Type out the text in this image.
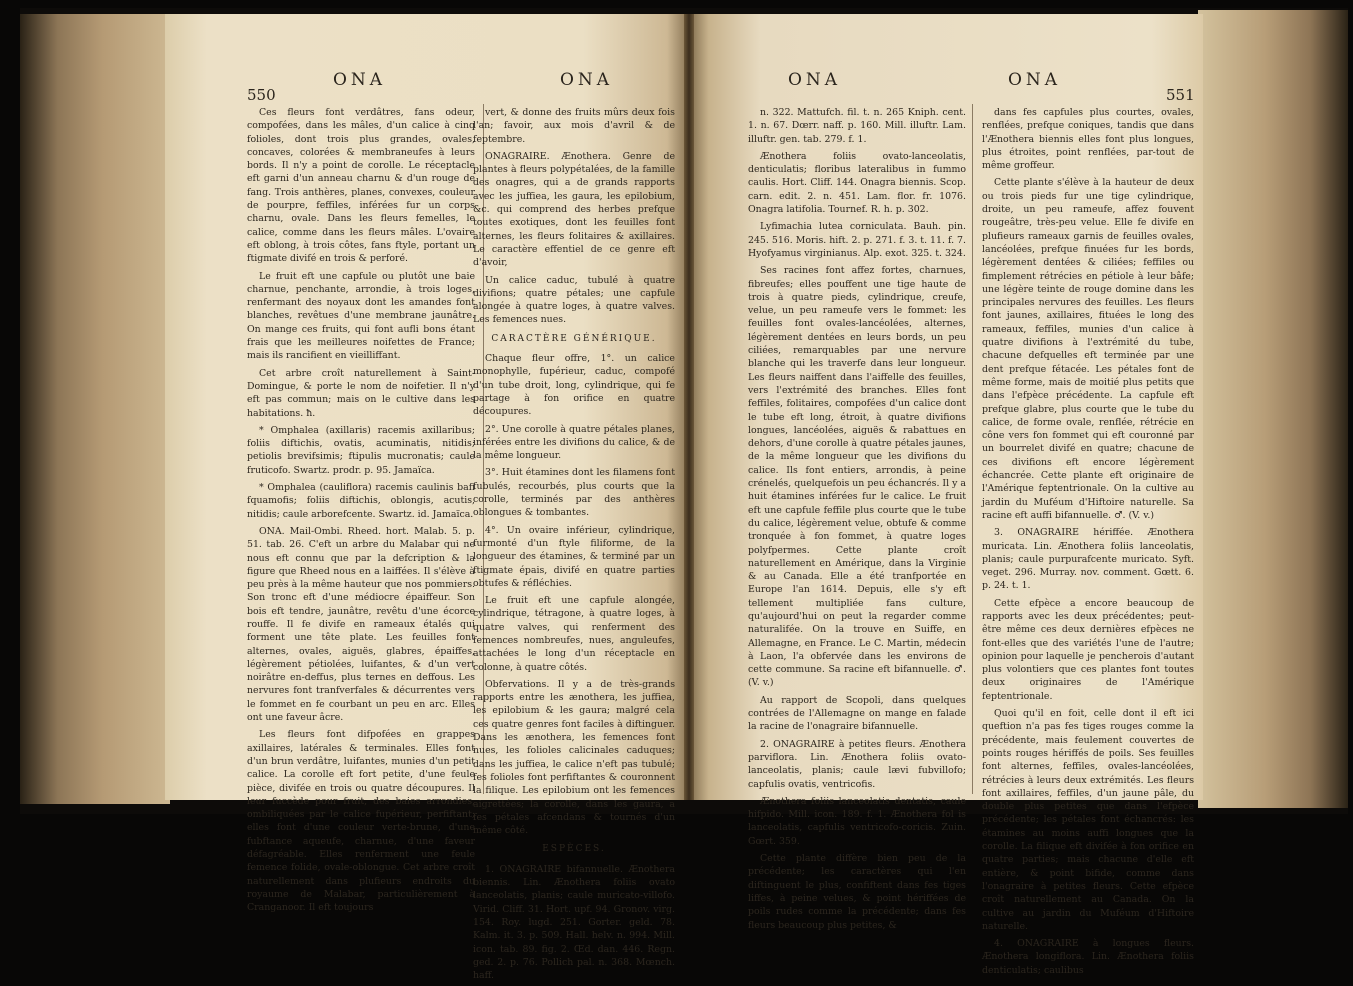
550
ONA	ONA

Ces fleurs font verdâtres, fans odeur, compofées, dans les mâles, d'un calice à cinq folioles, dont trois plus grandes, ovales, concaves, colorées & membraneufes à leurs bords. Il n'y a point de corolle. Le réceptacle eft garni d'un anneau charnu & d'un rouge de fang. Trois anthères, planes, convexes, couleur de pourpre, feffiles, inférées fur un corps charnu, ovale. Dans les fleurs femelles, le calice, comme dans les fleurs mâles. L'ovaire eft oblong, à trois côtes, fans ftyle, portant un ftigmate divifé en trois & perforé.

Le fruit eft une capfule ou plutôt une baie charnue, penchante, arrondie, à trois loges, renfermant des noyaux dont les amandes font blanches, revêtues d'une membrane jaunâtre. On mange ces fruits, qui font aufli bons étant frais que les meilleures noifettes de France; mais ils rancifient en vieilliffant.

Cet arbre croît naturellement à Saint-Domingue, & porte le nom de noifetier. Il n'y eft pas commun; mais on le cultive dans les habitations. ħ.

* Omphalea (axillaris) racemis axillaribus; foliis diftichis, ovatis, acuminatis, nitidis; petiolis brevifsimis; ftipulis mucronatis; caule fruticofo. Swartz. prodr. p. 95. Jamaïca.

* Omphalea (cauliflora) racemis caulinis bafi fquamofis; foliis diftichis, oblongis, acutis, nitidis; caule arborefcente. Swartz. id. Jamaïca.

ONA. Mail-Ombi. Rheed. hort. Malab. 5. p. 51. tab. 26. C'eft un arbre du Malabar qui ne nous eft connu que par la defcription & la figure que Rheed nous en a laiffées. Il s'élève à peu près à la même hauteur que nos pommiers. Son tronc eft d'une médiocre épaiffeur. Son bois eft tendre, jaunâtre, revêtu d'une écorce rouffe. Il fe divife en rameaux étalés qui forment une tête plate. Les feuilles font alternes, ovales, aiguës, glabres, épaiffes, légèrement pétiolées, luifantes, & d'un vert noirâtre en-deffus, plus ternes en deffous. Les nervures font tranfverfales & décurrentes vers le fommet en fe courbant un peu en arc. Elles ont une faveur âcre.

Les fleurs font difpofées en grappes axillaires, latérales & terminales. Elles font d'un brun verdâtre, luifantes, munies d'un petit calice. La corolle eft fort petite, d'une feule pièce, divifée en trois ou quatre découpures. Il leur fuccède pour fruit, des baies arrondies, ombiliquées par le calice fupérieur, perfiftant; elles font d'une couleur verte-brune, d'une fubftance aqueufe, charnue, d'une faveur défagréable. Elles renferment une feule femence folide, ovale-oblongue. Cet arbre croît naturellement dans plufieurs endroits du royaume de Malabar, particulièrement à Cranganoor. Il eft toujours

vert, & donne des fruits mûrs deux fois l'an; favoir, aux mois d'avril & de feptembre.

ONAGRAIRE. Ænothera. Genre de plantes à fleurs polypétalées, de la famille des onagres, qui a de grands rapports avec les juffiea, les gaura, les epilobium, &c. qui comprend des herbes prefque toutes exotiques, dont les feuilles font alternes, les fleurs folitaires & axillaires. Le caractère effentiel de ce genre eft d'avoir,

Un calice caduc, tubulé à quatre divifions; quatre pétales; une capfule alongée à quatre loges, à quatre valves. Les femences nues.

CARACTÈRE GÉNÉRIQUE.

Chaque fleur offre, 1°. un calice monophylle, fupérieur, caduc, compofé d'un tube droit, long, cylindrique, qui fe partage à fon orifice en quatre découpures.

2°. Une corolle à quatre pétales planes, inférées entre les divifions du calice, & de la même longueur.

3°. Huit étamines dont les filamens font fubulés, recourbés, plus courts que la corolle, terminés par des anthères oblongues & tombantes.

4°. Un ovaire inférieur, cylindrique, furmonté d'un ftyle filiforme, de la longueur des étamines, & terminé par un ftigmate épais, divifé en quatre parties obtufes & réfléchies.

Le fruit eft une capfule alongée, cylindrique, tétragone, à quatre loges, à quatre valves, qui renferment des femences nombreufes, nues, anguleufes, attachées le long d'un réceptacle en colonne, à quatre côtés.

Obfervations. Il y a de très-grands rapports entre les ænothera, les juffiea, les epilobium & les gaura; malgré cela ces quatre genres font faciles à diftinguer. Dans les ænothera, les femences font nues, les folioles calicinales caduques; dans les juffiea, le calice n'eft pas tubulé; fes folioles font perfiftantes & couronnent la filique. Les epilobium ont les femences aigrettées; la corolle, dans les gaura, a fes pétales afcendans & tournés d'un même côté.

ESPÈCES.

1. ONAGRAIRE bifannuelle. Ænothera biennis. Lin. Ænothera foliis ovato lanceolatis, planis; caule muricato-villofo. Virid. Cliff. 31. Hort. upf. 94. Gronov. virg. 154. Roy. lugd. 251. Gorter. geld. 78. Kalm. it. 3. p. 509. Hall. helv. n. 994. Mill. icon. tab. 89. fig. 2. Œd. dan. 446. Regn. ged. 2. p. 76. Pollich pal. n. 368. Mœnch. haff.

ONA	ONA
551

n. 322. Mattufch. fil. t. n. 265 Kniph. cent. 1. n. 67. Dœrr. naff. p. 160. Mill. illuftr. Lam. illuftr. gen. tab. 279. f. 1.

Ænothera foliis ovato-lanceolatis, denticulatis; floribus lateralibus in fummo caulis. Hort. Cliff. 144. Onagra biennis. Scop. carn. edit. 2. n. 451. Lam. flor. fr. 1076. Onagra latifolia. Tournef. R. h. p. 302.

Lyfimachia lutea corniculata. Bauh. pin. 245. 516. Moris. hift. 2. p. 271. f. 3. t. 11. f. 7. Hyofyamus virginianus. Alp. exot. 325. t. 324.

Ses racines font affez fortes, charnues, fibreufes; elles pouffent une tige haute de trois à quatre pieds, cylindrique, creufe, velue, un peu rameufe vers le fommet: les feuilles font ovales-lancéolées, alternes, légèrement dentées en leurs bords, un peu ciliées, remarquables par une nervure blanche qui les traverfe dans leur longueur. Les fleurs naiffent dans l'aiffelle des feuilles, vers l'extrémité des branches. Elles font feffiles, folitaires, compofées d'un calice dont le tube eft long, étroit, à quatre divifions longues, lancéolées, aiguës & rabattues en dehors, d'une corolle à quatre pétales jaunes, de la même longueur que les divifions du calice. Ils font entiers, arrondis, à peine crénelés, quelquefois un peu échancrés. Il y a huit étamines inférées fur le calice. Le fruit eft une capfule feffile plus courte que le tube du calice, légèrement velue, obtufe & comme tronquée à fon fommet, à quatre loges polyfpermes. Cette plante croît naturellement en Amérique, dans la Virginie & au Canada. Elle a été tranfportée en Europe l'an 1614. Depuis, elle s'y eft tellement multipliée fans culture, qu'aujourd'hui on peut la regarder comme naturalifée. On la trouve en Suiffe, en Allemagne, en France. Le C. Martin, médecin à Laon, l'a obfervée dans les environs de cette commune. Sa racine eft bifannuelle. ♂. (V. v.)

Au rapport de Scopoli, dans quelques contrées de l'Allemagne on mange en falade la racine de l'onagraire bifannuelle.

2. ONAGRAIRE à petites fleurs. Ænothera parviflora. Lin. Ænothera foliis ovato-lanceolatis, planis; caule lævi fubvillofo; capfulis ovatis, ventricofis.

Ænothera foliis lanceolatis dentatis, caule hifpido. Mill. icon. 189. f. 1. Ænothera fol is lanceolatis, capfulis ventricofo-coricis. Zuin. Gœrt. 359.

Cette plante diffère bien peu de la précédente; les caractères qui l'en diftinguent le plus, confiftent dans fes tiges liffes, à peine velues, & point hériffées de poils rudes comme la précédente; dans fes fleurs beaucoup plus petites, &

dans fes capfules plus courtes, ovales, renflées, prefque coniques, tandis que dans l'Ænothera biennis elles font plus longues, plus étroites, point renflées, par-tout de même groffeur.

Cette plante s'élève à la hauteur de deux ou trois pieds fur une tige cylindrique, droite, un peu rameufe, affez fouvent rougeâtre, très-peu velue. Elle fe divife en plufieurs rameaux garnis de feuilles ovales, lancéolées, prefque finuées fur les bords, légèrement dentées & ciliées; feffiles ou fimplement rétrécies en pétiole à leur bâfe; une légère teinte de rouge domine dans les principales nervures des feuilles. Les fleurs font jaunes, axillaires, fituées le long des rameaux, feffiles, munies d'un calice à quatre divifions à l'extrémité du tube, chacune defquelles eft terminée par une dent prefque fétacée. Les pétales font de même forme, mais de moitié plus petits que dans l'efpèce précédente. La capfule eft prefque glabre, plus courte que le tube du calice, de forme ovale, renflée, rétrécie en cône vers fon fommet qui eft couronné par un bourrelet divifé en quatre; chacune de ces divifions eft encore légèrement échancrée. Cette plante eft originaire de l'Amérique feptentrionale. On la cultive au jardin du Muféum d'Hiftoire naturelle. Sa racine eft auffi bifannuelle. ♂. (V. v.)

3. ONAGRAIRE hériffée. Ænothera muricata. Lin. Ænothera foliis lanceolatis, planis; caule purpurafcente muricato. Syft. veget. 296. Murray. nov. comment. Gœtt. 6. p. 24. t. 1.

Cette efpèce a encore beaucoup de rapports avec les deux précédentes; peut-être même ces deux dernières efpèces ne font-elles que des variétés l'une de l'autre; opinion pour laquelle je pencherois d'autant plus volontiers que ces plantes font toutes deux originaires de l'Amérique feptentrionale.

Quoi qu'il en foit, celle dont il eft ici queftion n'a pas fes tiges rouges comme la précédente, mais feulement couvertes de points rouges hériffés de poils. Ses feuilles font alternes, feffiles, ovales-lancéolées, rétrécies à leurs deux extrémités. Les fleurs font axillaires, feffiles, d'un jaune pâle, du double plus petites que dans l'efpèce précédente; les pétales font échancrés: les étamines au moins auffi longues que la corolle. La filique eft divifée à fon orifice en quatre parties; mais chacune d'elle eft entière, & point bifide, comme dans l'onagraire à petites fleurs. Cette efpèce croît naturellement au Canada. On la cultive au jardin du Muféum d'Hiftoire naturelle.

4. ONAGRAIRE à longues fleurs. Ænothera longiflora. Lin. Ænothera foliis denticulatis; caulibus
